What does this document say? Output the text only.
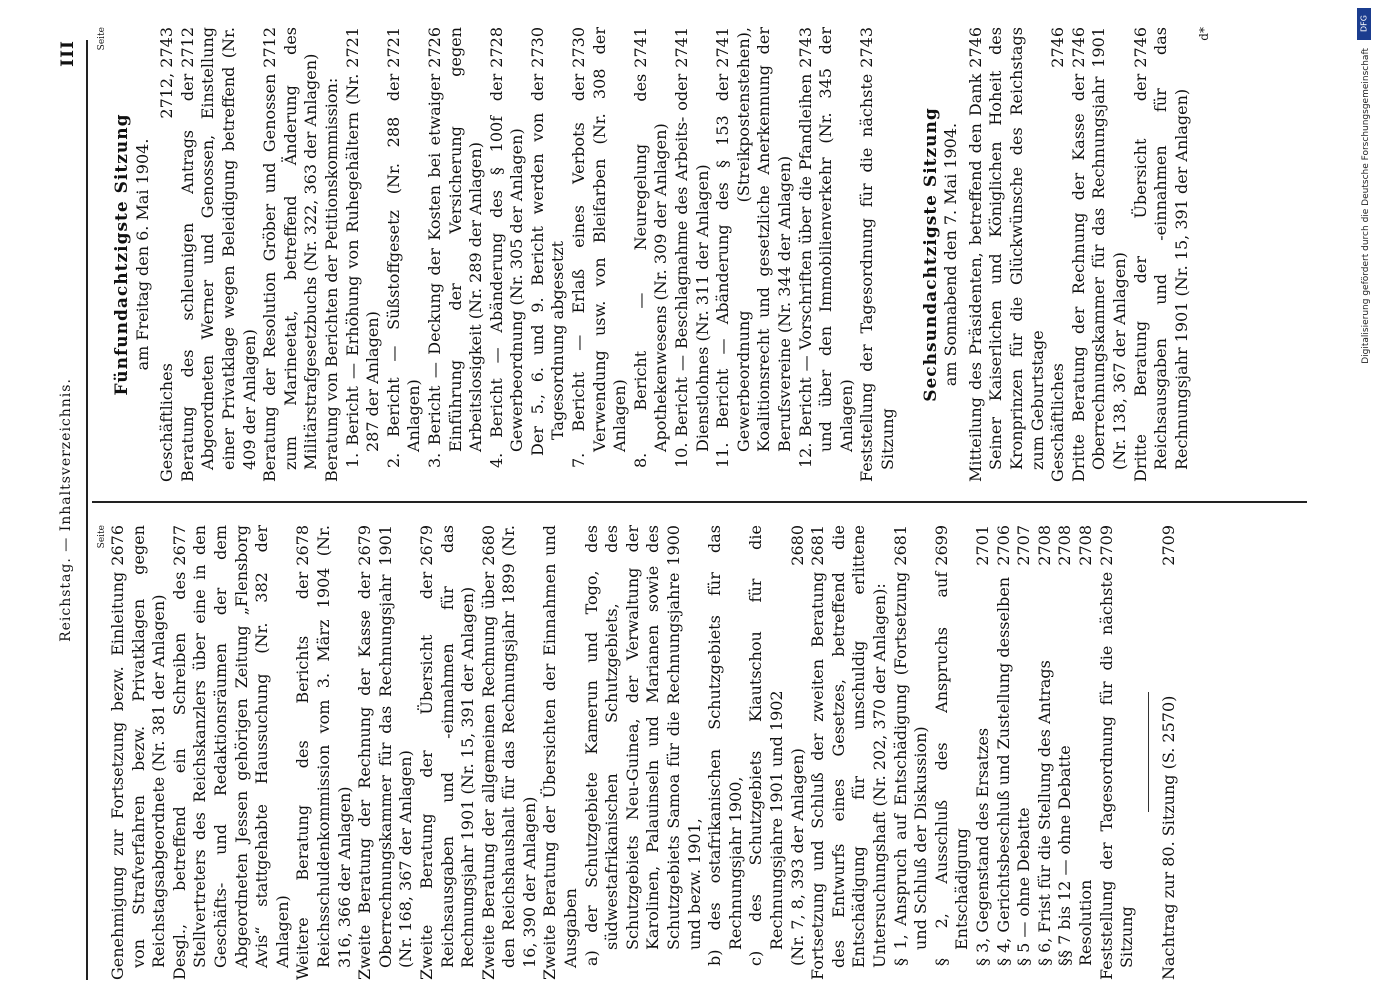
Reichstag. — Inhaltsverzeichnis.
III
Seite 2676
Genehmigung zur Fortsetzung bezw. Einleitung von Strafverfahren bezw. Privatklagen gegen Reichstagsabgeordnete (Nr. 381 der Anlagen)
2677
Desgl., betreffend ein Schreiben des Stellvertreters des Reichskanzlers über eine in den Geschäfts- und Redaktionsräumen der dem Abgeordneten Jessen gehörigen Zeitung „Flensborg Avis“ stattgehabte Haussuchung (Nr. 382 der Anlagen)
2678
Weitere Beratung des Berichts der Reichsschuldenkommission vom 3. März 1904 (Nr. 316, 366 der Anlagen)
2679
Zweite Beratung der Rechnung der Kasse der Oberrechnungskammer für das Rechnungsjahr 1901 (Nr. 168, 367 der Anlagen)
2679
Zweite Beratung der Übersicht der Reichsausgaben und -einnahmen für das Rechnungsjahr 1901 (Nr. 15, 391 der Anlagen)
2680
Zweite Beratung der allgemeinen Rechnung über den Reichshaushalt für das Rechnungsjahr 1899 (Nr. 16, 390 der Anlagen) Zweite Beratung der Übersichten der Einnahmen und Ausgaben a) der Schutzgebiete Kamerun und Togo, des südwestafrikanischen Schutzgebiets, des Schutzgebiets Neu-Guinea, der Verwaltung der Karolinen, Palauinseln und Marianen sowie des Schutzgebiets Samoa für die Rechnungsjahre 1900 und bezw. 1901, b) des ostafrikanischen Schutzgebiets für das Rechnungsjahr 1900, c) des Schutzgebiets Kiautschou für die Rechnungsjahre 1901 und 1902
2680
(Nr. 7, 8, 393 der Anlagen)
2681
Fortsetzung und Schluß der zweiten Beratung des Entwurfs eines Gesetzes, betreffend die Entschädigung für unschuldig erlittene Untersuchungshaft (Nr. 202, 370 der Anlagen):
2681
§ 1, Anspruch auf Entschädigung (Fortsetzung und Schluß der Diskussion)
2699
§ 2, Ausschluß des Anspruchs auf Entschädigung
2701
§ 3, Gegenstand des Ersatzes
2706
§ 4, Gerichtsbeschluß und Zustellung desselben
2707
§ 5 — ohne Debatte
2708
§ 6, Frist für die Stellung des Antrags
2708
§§ 7 bis 12 — ohne Debatte
2708
Resolution
2709
Feststellung der Tagesordnung für die nächste Sitzung
2709
Nachtrag zur 80. Sitzung (S. 2570)
Seite
Fünfundachtzigste Sitzung am Freitag den 6. Mai 1904.
2712, 2743
Geschäftliches
2712
Beratung des schleunigen Antrags der Abgeordneten Werner und Genossen, Einstellung einer Privatklage wegen Beleidigung betreffend (Nr. 409 der Anlagen)
2712
Beratung der Resolution Gröber und Genossen zum Marineetat, betreffend Änderung des Militärstrafgesetzbuchs (Nr. 322, 363 der Anlagen) Beratung von Berichten der Petitionskommission:
2721
1. Bericht — Erhöhung von Ruhegehältern (Nr. 287 der Anlagen)
2721
2. Bericht — Süßstoffgesetz (Nr. 288 der Anlagen)
2726
3. Bericht — Deckung der Kosten bei etwaiger Einführung der Versicherung gegen Arbeitslosigkeit (Nr. 289 der Anlagen)
2728
4. Bericht — Abänderung des § 100f der Gewerbeordnung (Nr. 305 der Anlagen)
2730
Der 5., 6. und 9. Bericht werden von der Tagesordnung abgesetzt
2730
7. Bericht — Erlaß eines Verbots der Verwendung usw. von Bleifarben (Nr. 308 der Anlagen)
2741
8. Bericht — Neuregelung des Apothekenwesens (Nr. 309 der Anlagen)
2741
10. Bericht — Beschlagnahme des Arbeits- oder Dienstlohnes (Nr. 311 der Anlagen)
2741
11. Bericht — Abänderung des § 153 der Gewerbeordnung (Streikpostenstehen), Koalitionsrecht und gesetzliche Anerkennung der Berufsvereine (Nr. 344 der Anlagen)
2743
12. Bericht — Vorschriften über die Pfandleihen und über den Immobilienverkehr (Nr. 345 der Anlagen)
2743
Feststellung der Tagesordnung für die nächste Sitzung
Sechsundachtzigste Sitzung am Sonnabend den 7. Mai 1904.
2746
Mitteilung des Präsidenten, betreffend den Dank Seiner Kaiserlichen und Königlichen Hoheit des Kronprinzen für die Glückwünsche des Reichstags zum Geburtstage
2746
Geschäftliches
2746
Dritte Beratung der Rechnung der Kasse der Oberrechnungskammer für das Rechnungsjahr 1901 (Nr. 138, 367 der Anlagen)
2746
Dritte Beratung der Übersicht der Reichsausgaben und -einnahmen für das Rechnungsjahr 1901 (Nr. 15, 391 der Anlagen)
d*
DFG
Digitalisierung gefördert durch die Deutsche Forschungsgemeinschaft
